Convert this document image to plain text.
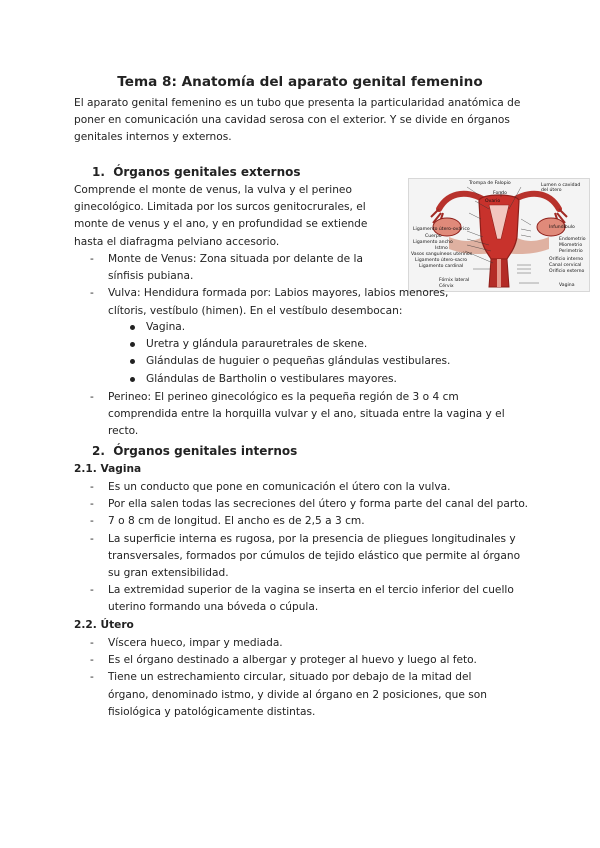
Tema 8: Anatomía del aparato genital femenino
El aparato genital femenino es un tubo que presenta la particularidad anatómica de poner en comunicación una cavidad serosa con el exterior. Y se divide en órganos genitales internos y externos.
1. Órganos genitales externos
Comprende el monte de venus, la vulva y el perineo ginecológico. Limitada por los surcos genitocrurales, el monte de venus y el ano, y en profundidad se extiende hasta el diafragma pelviano accesorio.
Trompa de Falopio
Fondo
Lumen o cavidad del útero
Ovario
Ligamento útero-ovárico
Cuerpo
Infundíbulo
Ligamento ancho
Endometrio
Miometrio
Perimetrio
Istmo
Vasos sanguíneos uterinos
Orificio interno
Canal cervical
Orificio externo
Ligamento cardinal
Fórnix lateral
Cérvix	Vagina
Ligamento útero-sacro
- Monte de Venus: Zona situada por delante de la sínfisis pubiana.
- Vulva: Hendidura formada por: Labios mayores, labios menores, clítoris, vestíbulo (himen). En el vestíbulo desembocan:
Vagina.
Uretra y glándula parauretrales de skene.
Glándulas de huguier o pequeñas glándulas vestibulares.
Glándulas de Bartholin o vestibulares mayores.
- Perineo: El perineo ginecológico es la pequeña región de 3 o 4 cm comprendida entre la horquilla vulvar y el ano, situada entre la vagina y el recto.
2. Órganos genitales internos
2.1. Vagina
- Es un conducto que pone en comunicación el útero con la vulva.
- Por ella salen todas las secreciones del útero y forma parte del canal del parto.
- 7 o 8 cm de longitud. El ancho es de 2,5 a 3 cm.
- La superficie interna es rugosa, por la presencia de pliegues longitudinales y transversales, formados por cúmulos de tejido elástico que permite al órgano su gran extensibilidad.
- La extremidad superior de la vagina se inserta en el tercio inferior del cuello uterino formando una bóveda o cúpula.
2.2. Útero
- Víscera hueco, impar y mediada.
- Es el órgano destinado a albergar y proteger al huevo y luego al feto.
- Tiene un estrechamiento circular, situado por debajo de la mitad del órgano, denominado istmo, y divide al órgano en 2 posiciones, que son fisiológica y patológicamente distintas.
